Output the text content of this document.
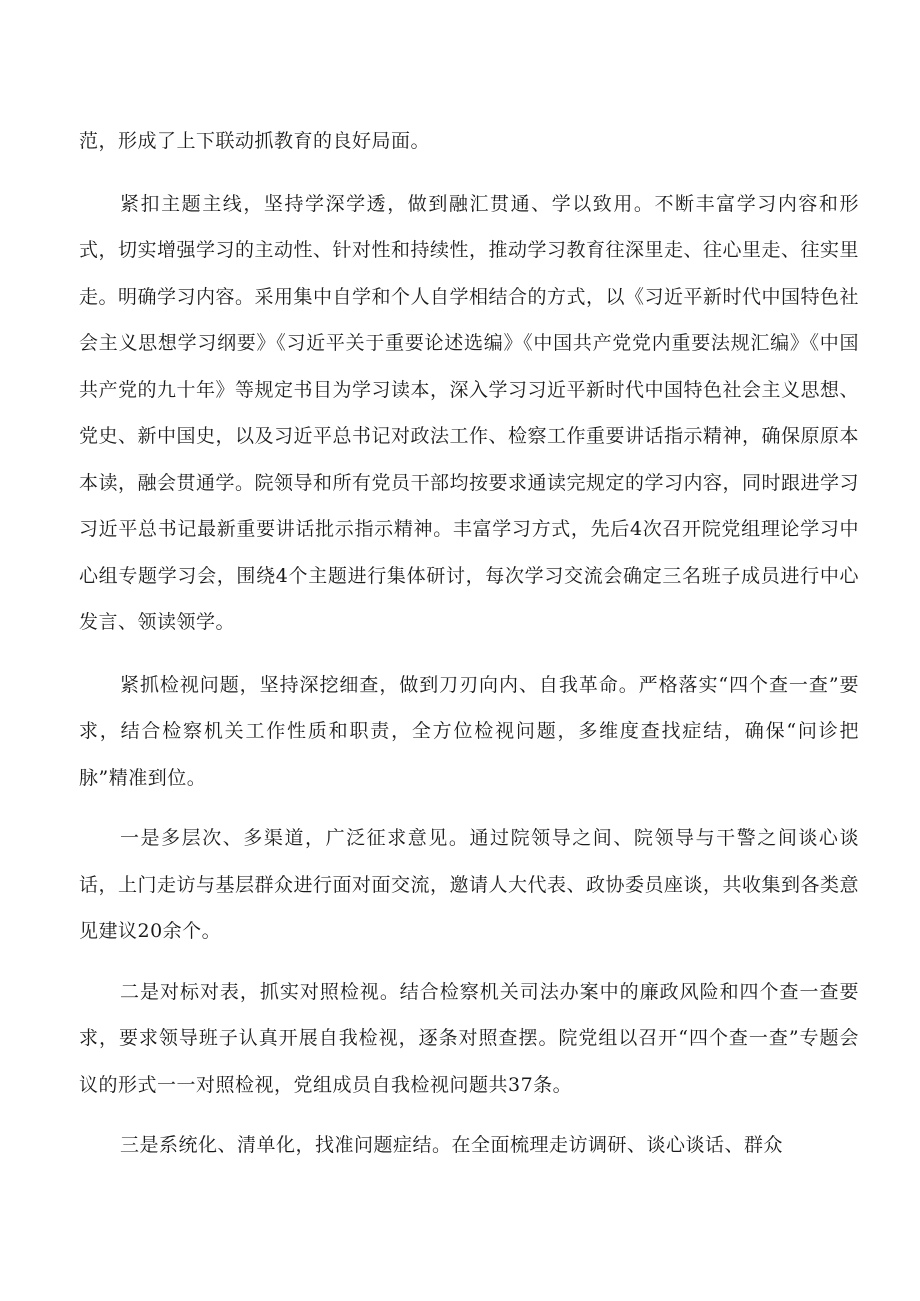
范，形成了上下联动抓教育的良好局面。

紧扣主题主线，坚持学深学透，做到融汇贯通、学以致用。不断丰富学习内容和形式，切实增强学习的主动性、针对性和持续性，推动学习教育往深里走、往心里走、往实里走。明确学习内容。采用集中自学和个人自学相结合的方式，以《习近平新时代中国特色社会主义思想学习纲要》《习近平关于重要论述选编》《中国共产党党内重要法规汇编》《中国共产党的九十年》等规定书目为学习读本，深入学习习近平新时代中国特色社会主义思想、党史、新中国史，以及习近平总书记对政法工作、检察工作重要讲话指示精神，确保原原本本读，融会贯通学。院领导和所有党员干部均按要求通读完规定的学习内容，同时跟进学习习近平总书记最新重要讲话批示指示精神。丰富学习方式，先后4次召开院党组理论学习中心组专题学习会，围绕4个主题进行集体研讨，每次学习交流会确定三名班子成员进行中心发言、领读领学。

紧抓检视问题，坚持深挖细查，做到刀刃向内、自我革命。严格落实“四个查一查”要求，结合检察机关工作性质和职责，全方位检视问题，多维度查找症结，确保“问诊把脉”精准到位。

一是多层次、多渠道，广泛征求意见。通过院领导之间、院领导与干警之间谈心谈话，上门走访与基层群众进行面对面交流，邀请人大代表、政协委员座谈，共收集到各类意见建议20余个。

二是对标对表，抓实对照检视。结合检察机关司法办案中的廉政风险和四个查一查要求，要求领导班子认真开展自我检视，逐条对照查摆。院党组以召开“四个查一查”专题会议的形式一一对照检视，党组成员自我检视问题共37条。

三是系统化、清单化，找准问题症结。在全面梳理走访调研、谈心谈话、群众
